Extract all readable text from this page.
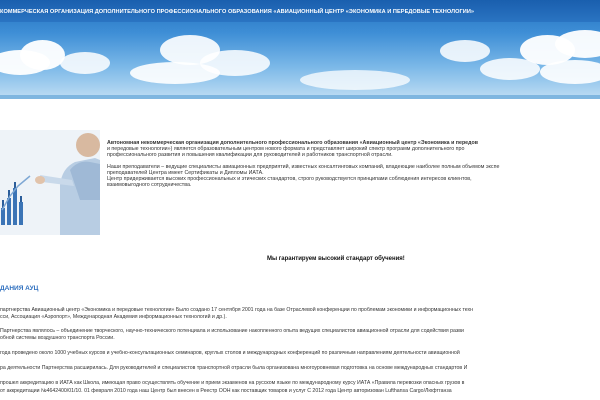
КОММЕРЧЕСКАЯ ОРГАНИЗАЦИЯ ДОПОЛНИТЕЛЬНОГО ПРОФЕССИОНАЛЬНОГО ОБРАЗОВАНИЯ «АВИАЦИОННЫЙ ЦЕНТР «ЭКОНОМИКА И ПЕРЕДОВЫЕ ТЕХНОЛОГИИ»

Автономная некоммерческая организация дополнительного профессионального образования «Авиационный центр «Экономика и передов
и передовые технологии») является образовательным центром нового формата и представляет широкий спектр программ дополнительного про
профессионального развития и повышения квалификации для руководителей и работников транспортной отрасли.

Наши преподаватели – ведущие специалисты авиационных предприятий, известных консалтинговых компаний, владеющие наиболее полным объемом экспе
преподавателей Центра имеет Сертификаты и Дипломы ИАТА.
Центр придерживается высоких профессиональных и этических стандартов, строго руководствуется принципами соблюдения интересов клиентов,
взаимовыгодного сотрудничества.

Мы гарантируем высокий стандарт обучения!
ДАНИЯ АУЦ
партнерства Авиационный центр «Экономика и передовые технологии» Было создано 17 сентября 2001 года на базе Отраслевой конференции по проблемам экономики и информационных техн
сси, Ассоциация «Аэропорт», Международная Академия информационных технологий и др.).
Партнерства являлось – объединение творческого, научно-технического потенциала и использование накопленного опыта ведущих специалистов авиационной отрасли для содействия разви
обной системы воздушного транспорта России.
года проведено около 1000 учебных курсов и учебно-консультационных семинаров, круглых столов и международных конференций по различным направлениям деятельности авиационной
ра деятельности Партнерства расширилась. Для руководителей и специалистов транспортной отрасли была организована многоуровневая подготовка на основе международных стандартов И
прошел аккредитацию в ИАТА как Школа, имеющая право осуществлять обучение и прием экзаменов на русском языке по международному курсу ИАТА «Правила перевозки опасных грузов в
от аккредитации №4642400/01/10. 01 февраля 2010 года наш Центр был внесен в Реестр ООН как поставщик товаров и услуг С 2012 года Центр авторизован Lufthansa Cargo/Люфтганза
